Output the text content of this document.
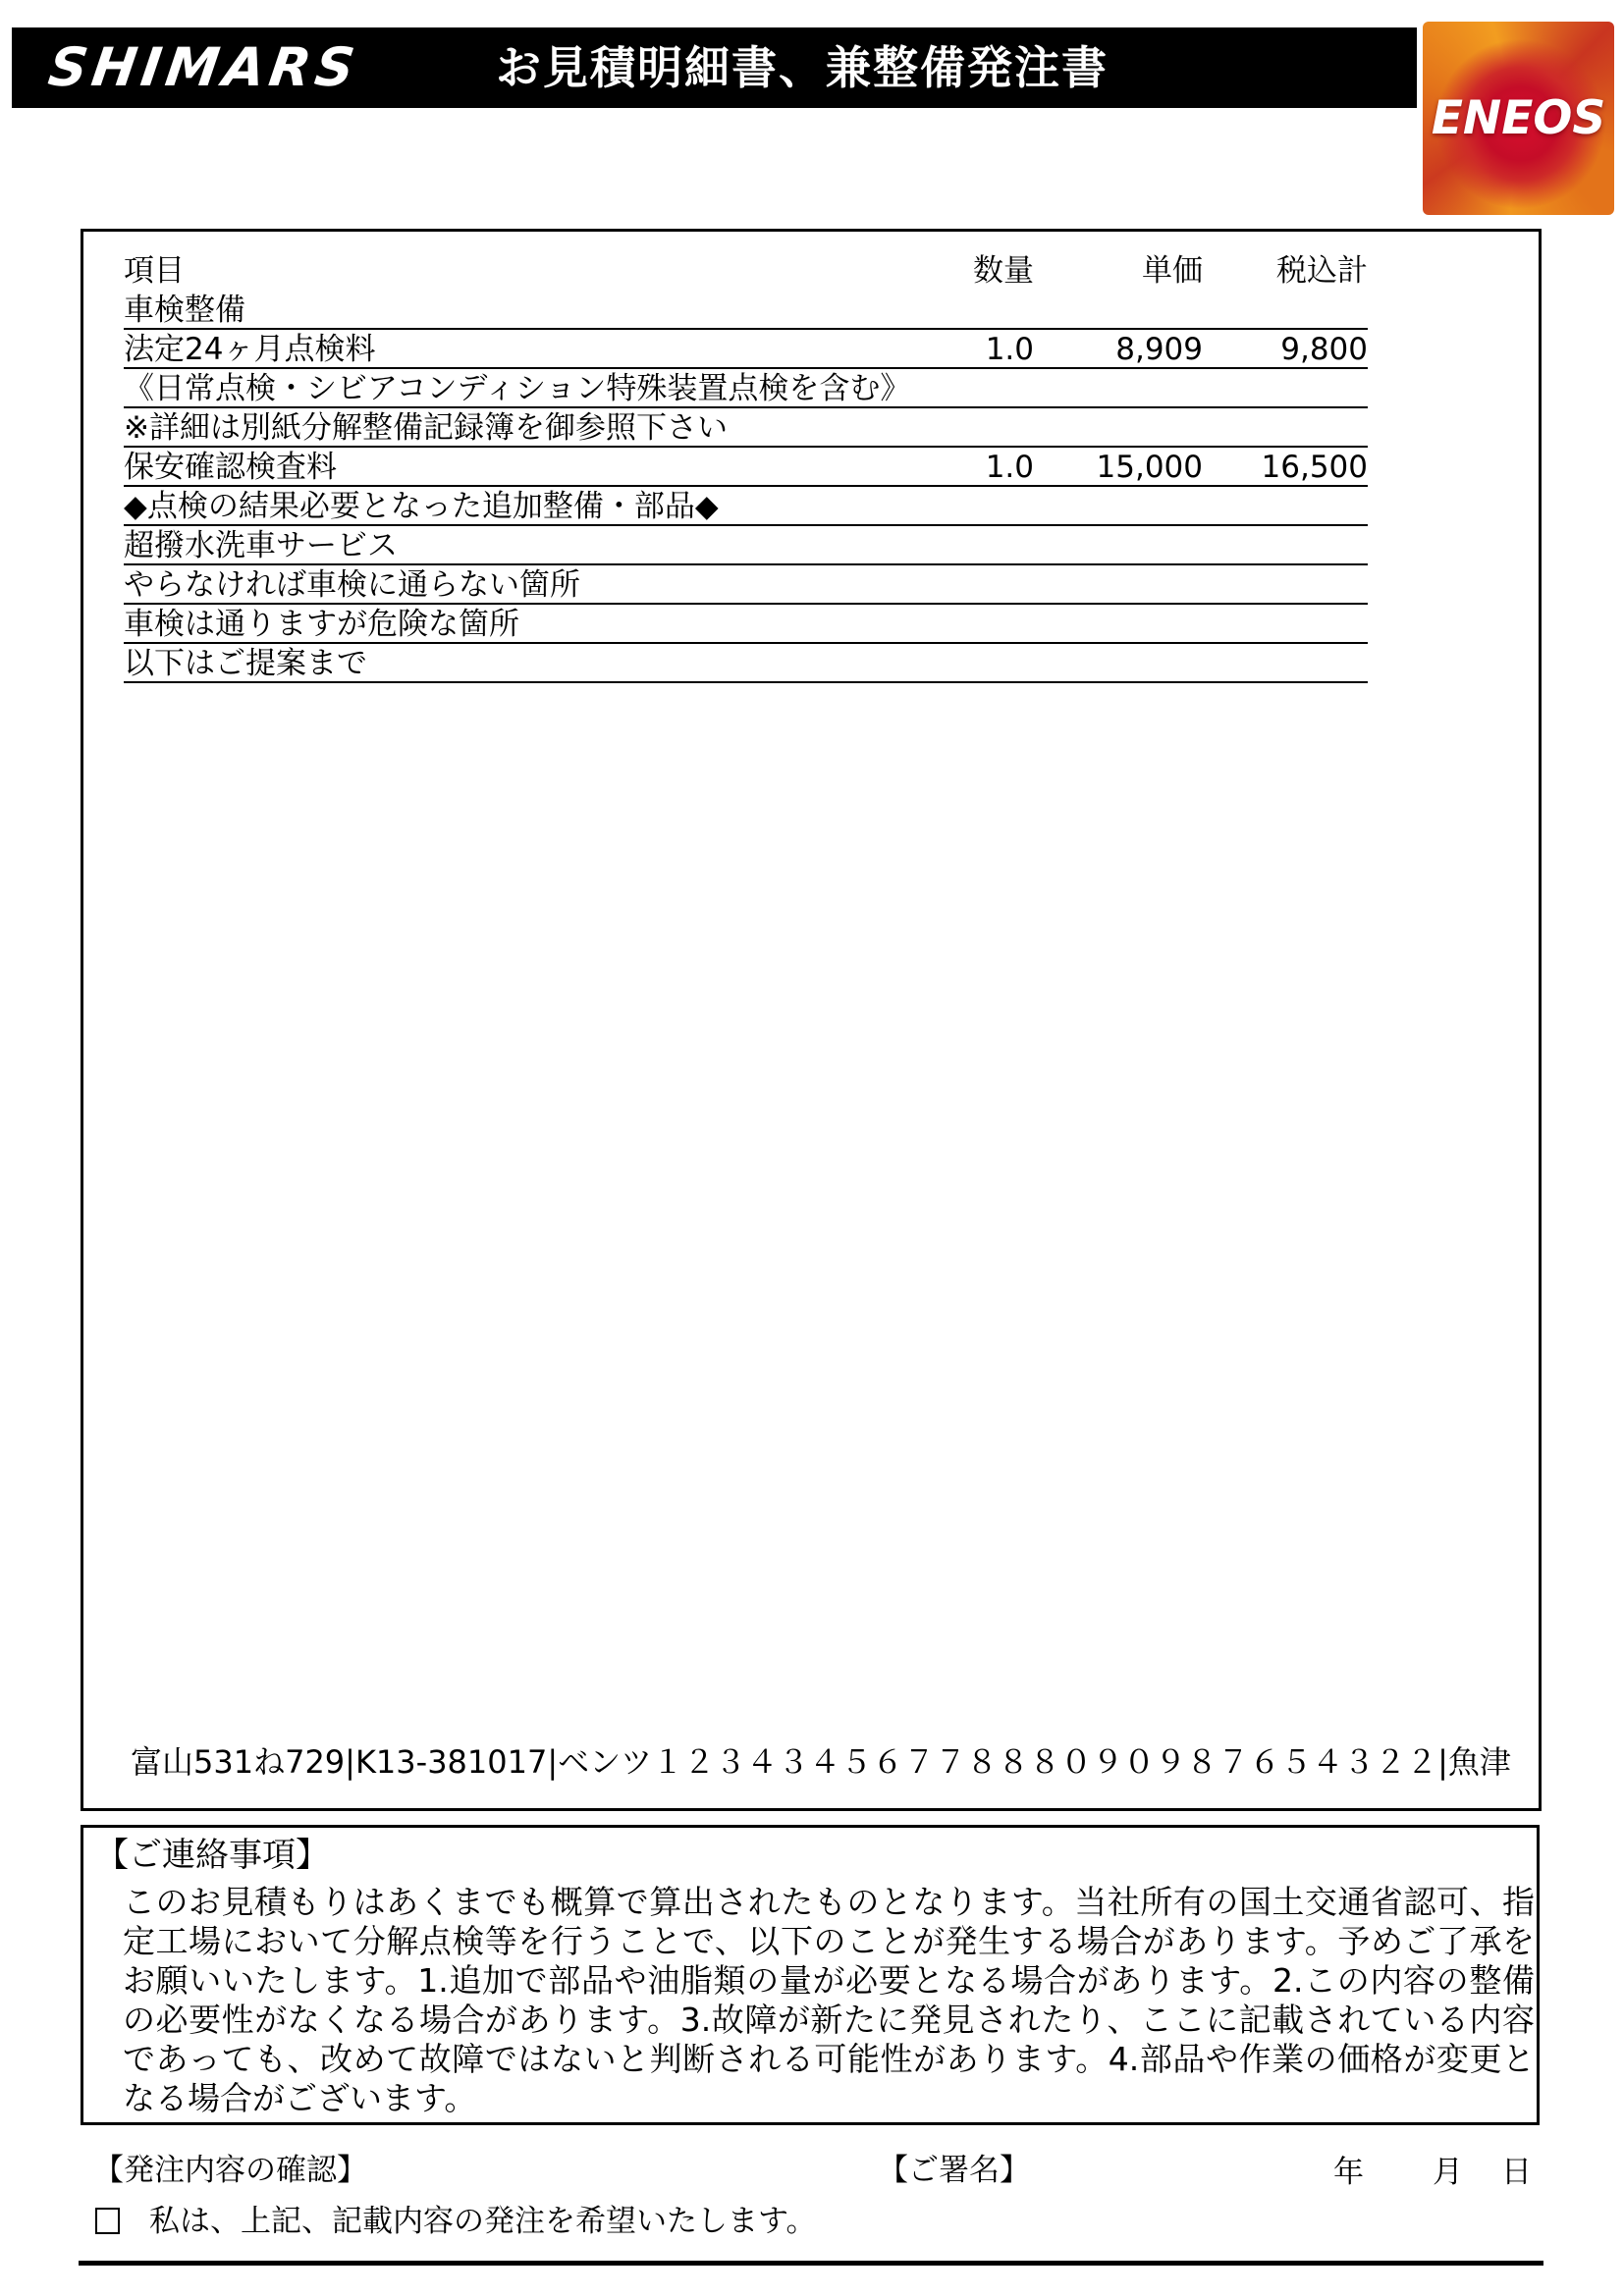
SHIMARS	お見積明細書、兼整備発注書
ENEOS
項目	数量	単価	税込計
車検整備
法定24ヶ月点検料	1.0	8,909	9,800
《日常点検・シビアコンディション特殊装置点検を含む》
※詳細は別紙分解整備記録簿を御参照下さい
保安確認検査料	1.0	15,000	16,500
◆点検の結果必要となった追加整備・部品◆
超撥水洗車サービス
やらなければ車検に通らない箇所
車検は通りますが危険な箇所
以下はご提案まで
富山531ね729|K13-381017|ベンツ１２３４３４５６７７８８８０９０９８７６５４３２２|魚津
【ご連絡事項】
このお見積もりはあくまでも概算で算出されたものとなります。当社所有の国土交通省認可、指定工場において分解点検等を行うことで、以下のことが発生する場合があります。予めご了承をお願いいたします。1.追加で部品や油脂類の量が必要となる場合があります。2.この内容の整備の必要性がなくなる場合があります。3.故障が新たに発見されたり、ここに記載されている内容であっても、改めて故障ではないと判断される可能性があります。4.部品や作業の価格が変更となる場合がございます。
【発注内容の確認】	【ご署名】	年 月 日
私は、上記、記載内容の発注を希望いたします。
